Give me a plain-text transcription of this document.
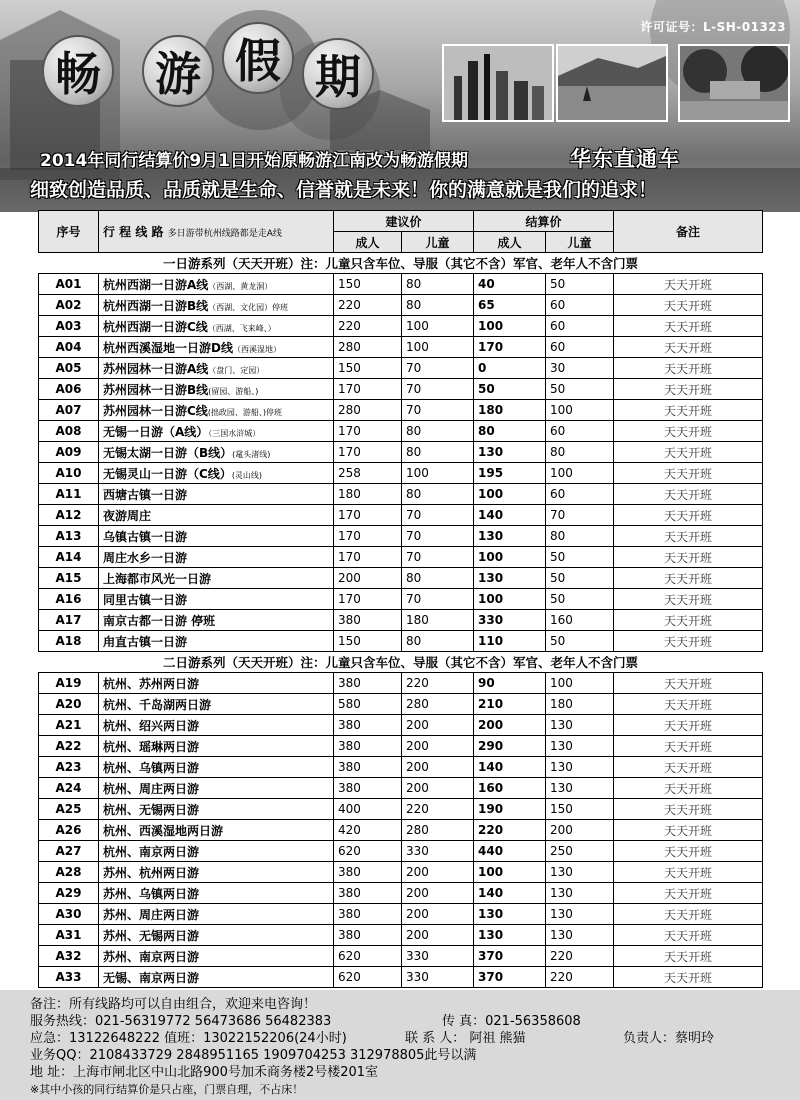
畅 游 假 期
许可证号：L-SH-01323
2014年同行结算价9月1日开始原畅游江南改为畅游假期	华东直通车
细致创造品质、品质就是生命、信誉就是未来！你的满意就是我们的追求！
序号	行 程 线 路 多日游带杭州线路都是走A线	建议价		结算价		备注
		成人	儿童	成人	儿童	
一日游系列（天天开班）注：儿童只含车位、导服（其它不含）军官、老年人不含门票						
A01	杭州西湖一日游A线（西湖、黄龙洞）	150	80	40	50	天天开班
A02	杭州西湖一日游B线（西湖、文化园）停班	220	80	65	60	天天开班
A03	杭州西湖一日游C线（西湖、飞来峰、）	220	100	100	60	天天开班
A04	杭州西溪湿地一日游D线（西溪湿地）	280	100	170	60	天天开班
A05	苏州园林一日游A线（盘门、定园）	150	70	0	30	天天开班
A06	苏州园林一日游B线(留园、游船、)	170	70	50	50	天天开班
A07	苏州园林一日游C线(拙政园、游船、)停班	280	70	180	100	天天开班
A08	无锡一日游（A线）（三国水浒城）	170	80	80	60	天天开班
A09	无锡太湖一日游（B线）(鼋头渚线)	170	80	130	80	天天开班
A10	无锡灵山一日游（C线）(灵山线)	258	100	195	100	天天开班
A11	西塘古镇一日游	180	80	100	60	天天开班
A12	夜游周庄	170	70	140	70	天天开班
A13	乌镇古镇一日游	170	70	130	80	天天开班
A14	周庄水乡一日游	170	70	100	50	天天开班
A15	上海都市风光一日游	200	80	130	50	天天开班
A16	同里古镇一日游	170	70	100	50	天天开班
A17	南京古都一日游 停班	380	180	330	160	天天开班
A18	甪直古镇一日游	150	80	110	50	天天开班
二日游系列（天天开班）注：儿童只含车位、导服（其它不含）军官、老年人不含门票						
A19	杭州、苏州两日游	380	220	90	100	天天开班
A20	杭州、千岛湖两日游	580	280	210	180	天天开班
A21	杭州、绍兴两日游	380	200	200	130	天天开班
A22	杭州、瑶琳两日游	380	200	290	130	天天开班
A23	杭州、乌镇两日游	380	200	140	130	天天开班
A24	杭州、周庄两日游	380	200	160	130	天天开班
A25	杭州、无锡两日游	400	220	190	150	天天开班
A26	杭州、西溪湿地两日游	420	280	220	200	天天开班
A27	杭州、南京两日游	620	330	440	250	天天开班
A28	苏州、杭州两日游	380	200	100	130	天天开班
A29	苏州、乌镇两日游	380	200	140	130	天天开班
A30	苏州、周庄两日游	380	200	130	130	天天开班
A31	苏州、无锡两日游	380	200	130	130	天天开班
A32	苏州、南京两日游	620	330	370	220	天天开班
A33	无锡、南京两日游	620	330	370	220	天天开班
备注：所有线路均可以自由组合，欢迎来电咨询！
服务热线：021-56319772 56473686 56482383	传 真：021-56358608
应急：13122648222 值班：13022152206(24小时)	联 系 人： 阿祖 熊猫	负责人：蔡明玲
业务QQ：2108433729 2848951165 1909704253 312978805此号以满
地 址：上海市闸北区中山北路900号加禾商务楼2号楼201室
※其中小孩的同行结算价是只占座，门票自理，不占床！
